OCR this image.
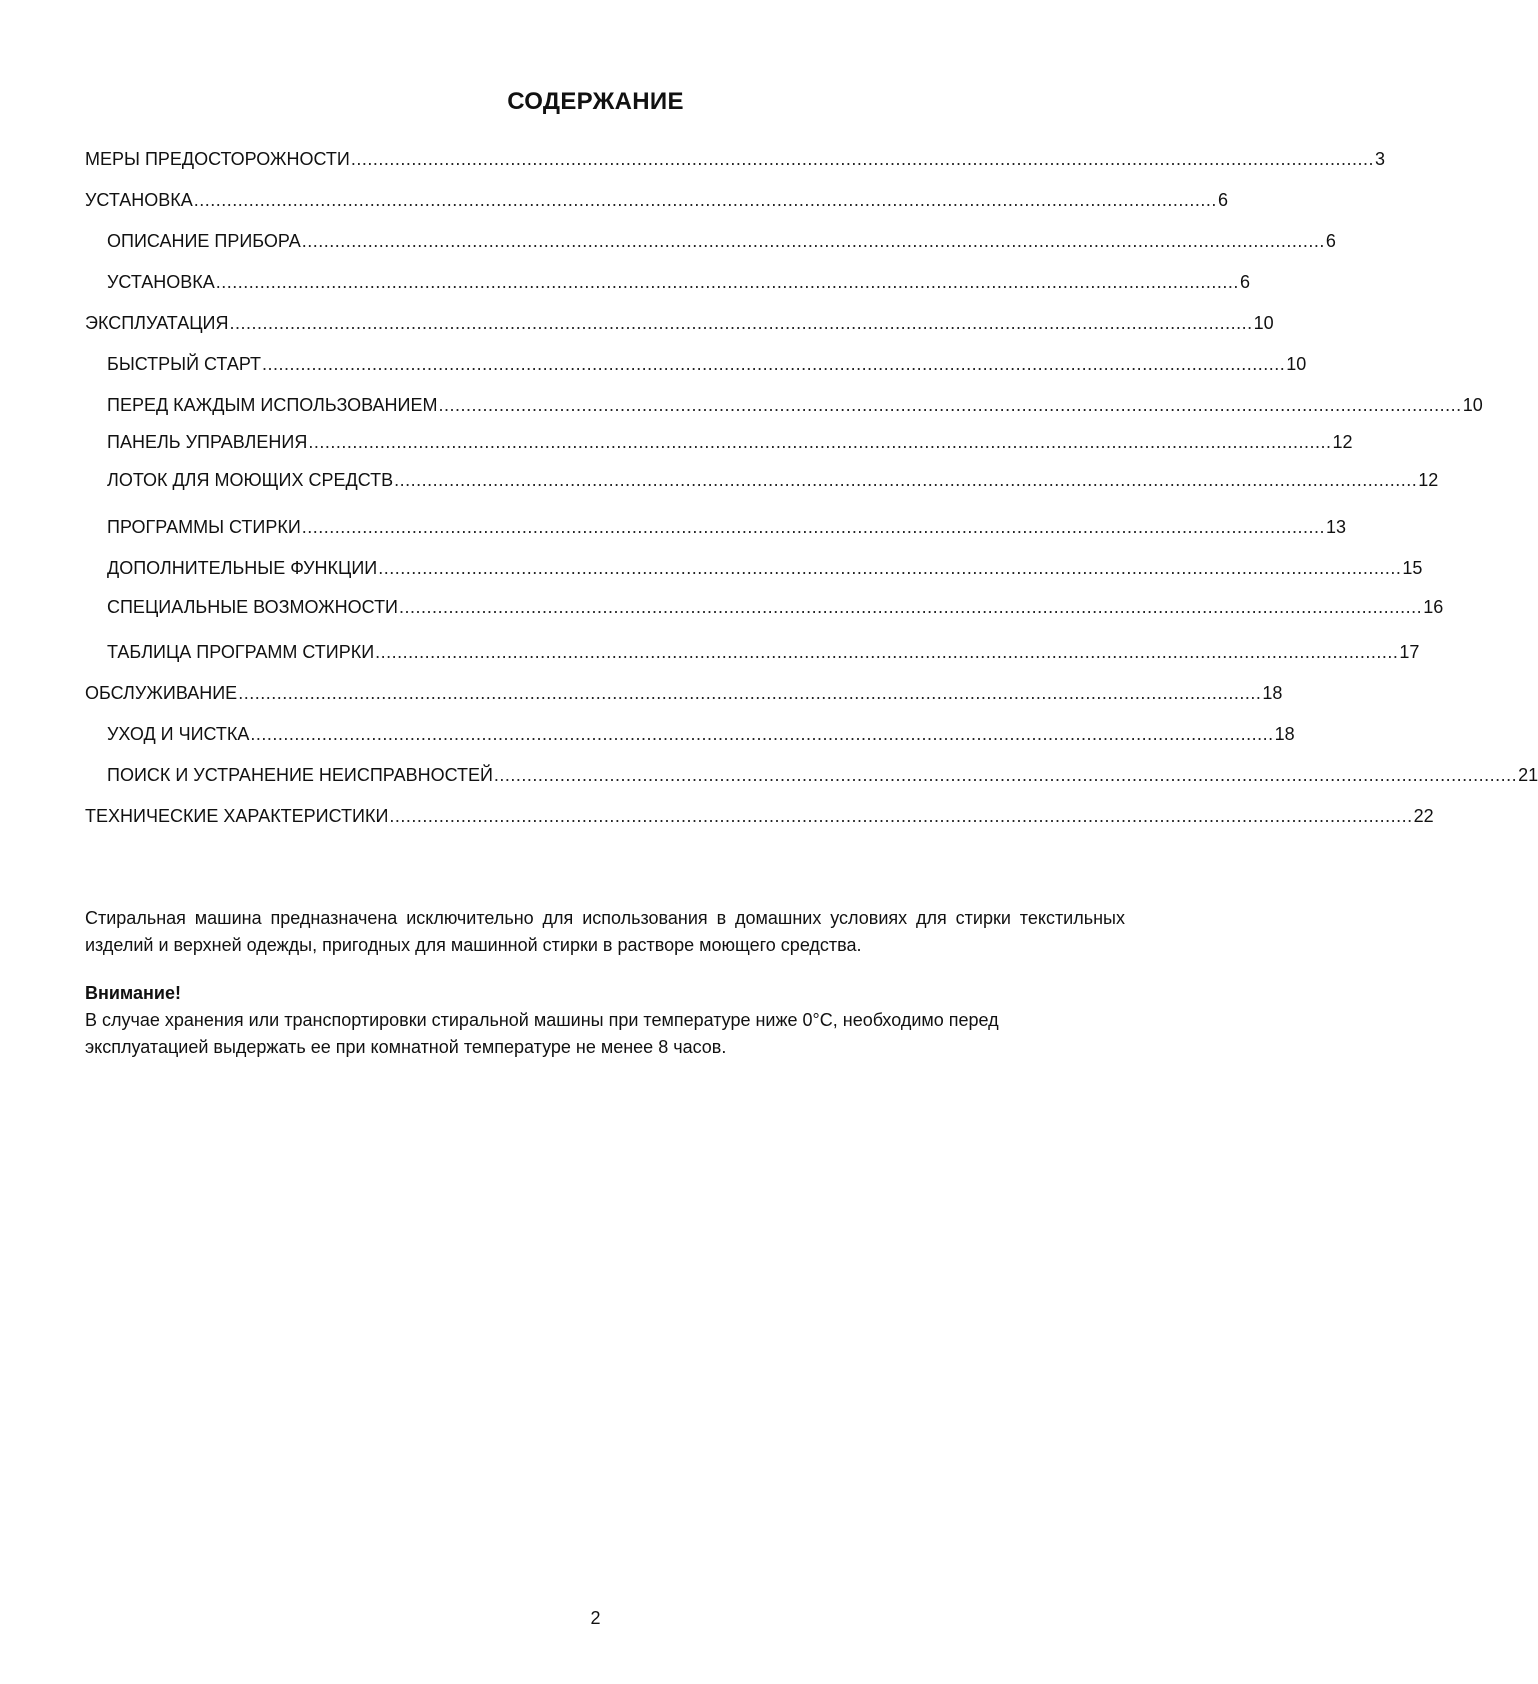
СОДЕРЖАНИЕ
МЕРЫ ПРЕДОСТОРОЖНОСТИ .......................................................................................................................................................................................... 3
УСТАНОВКА .......................................................................................................................................................................................... 6
ОПИСАНИЕ ПРИБОРА .......................................................................................................................................................................................... 6
УСТАНОВКА .......................................................................................................................................................................................... 6
ЭКСПЛУАТАЦИЯ .......................................................................................................................................................................................... 10
БЫСТРЫЙ СТАРТ .......................................................................................................................................................................................... 10
ПЕРЕД КАЖДЫМ ИСПОЛЬЗОВАНИЕМ .......................................................................................................................................................................................... 10
ПАНЕЛЬ УПРАВЛЕНИЯ .......................................................................................................................................................................................... 12
ЛОТОК ДЛЯ МОЮЩИХ СРЕДСТВ .......................................................................................................................................................................................... 12
ПРОГРАММЫ СТИРКИ .......................................................................................................................................................................................... 13
ДОПОЛНИТЕЛЬНЫЕ ФУНКЦИИ .......................................................................................................................................................................................... 15
СПЕЦИАЛЬНЫЕ ВОЗМОЖНОСТИ .......................................................................................................................................................................................... 16
ТАБЛИЦА ПРОГРАММ СТИРКИ .......................................................................................................................................................................................... 17
ОБСЛУЖИВАНИЕ .......................................................................................................................................................................................... 18
УХОД И ЧИСТКА .......................................................................................................................................................................................... 18
ПОИСК И УСТРАНЕНИЕ НЕИСПРАВНОСТЕЙ .......................................................................................................................................................................................... 21
ТЕХНИЧЕСКИЕ ХАРАКТЕРИСТИКИ .......................................................................................................................................................................................... 22
Стиральная машина предназначена исключительно для использования в домашних условиях для стирки текстильных изделий и верхней одежды, пригодных для машинной стирки в растворе моющего средства.
Внимание!
В случае хранения или транспортировки стиральной машины при температуре ниже 0°С, необходимо перед эксплуатацией выдержать ее при комнатной температуре не менее 8 часов.
2
